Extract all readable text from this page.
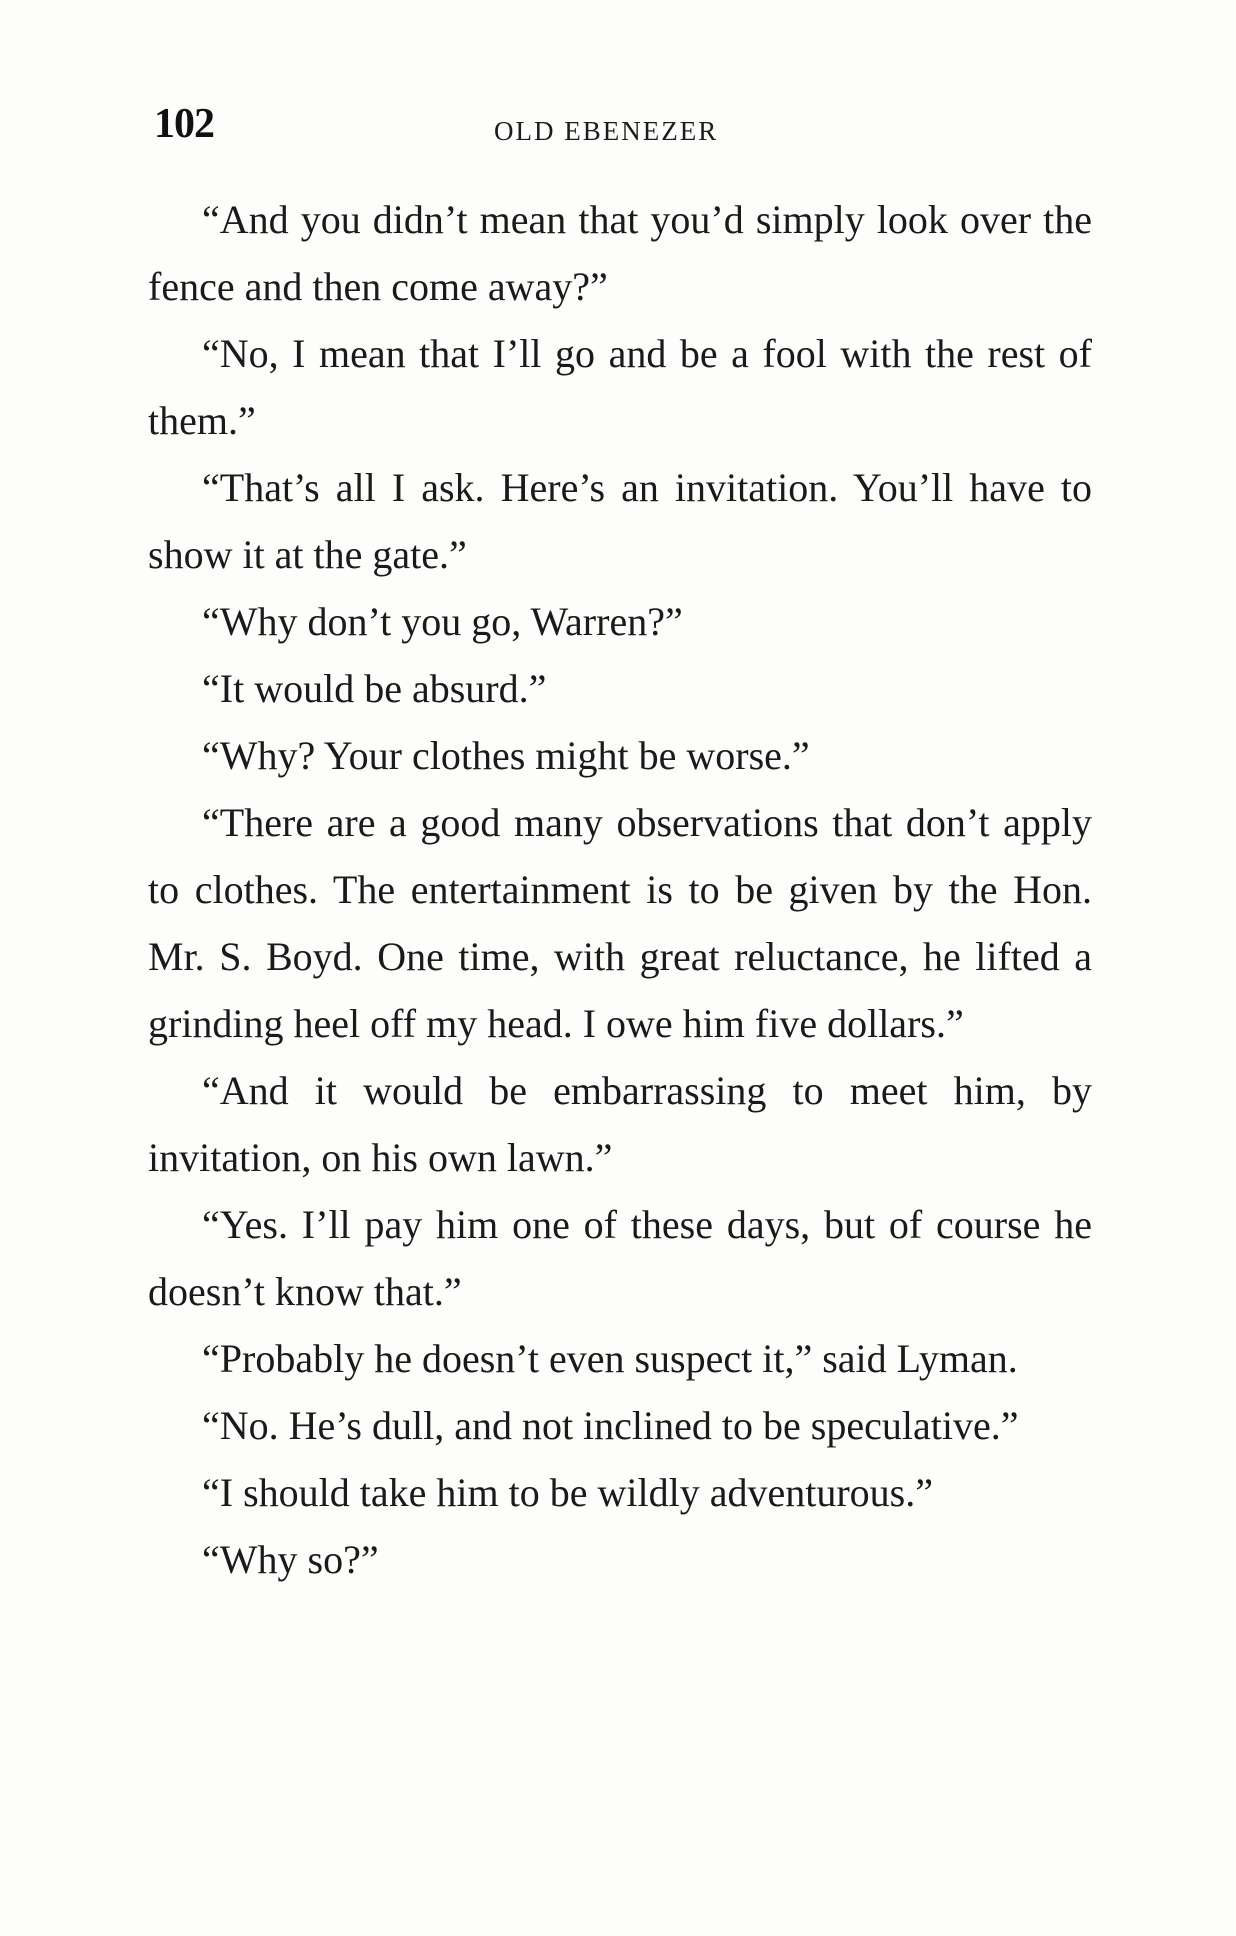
102	OLD EBENEZER

“And you didn’t mean that you’d simply look over the fence and then come away?”

“No, I mean that I’ll go and be a fool with the rest of them.”

“That’s all I ask. Here’s an invitation. You’ll have to show it at the gate.”

“Why don’t you go, Warren?”

“It would be absurd.”

“Why? Your clothes might be worse.”

“There are a good many observations that don’t apply to clothes. The entertainment is to be given by the Hon. Mr. S. Boyd. One time, with great reluctance, he lifted a grinding heel off my head. I owe him five dollars.”

“And it would be embarrassing to meet him, by invitation, on his own lawn.”

“Yes. I’ll pay him one of these days, but of course he doesn’t know that.”

“Probably he doesn’t even suspect it,” said Lyman.

“No. He’s dull, and not inclined to be speculative.”

“I should take him to be wildly adventurous.”

“Why so?”
